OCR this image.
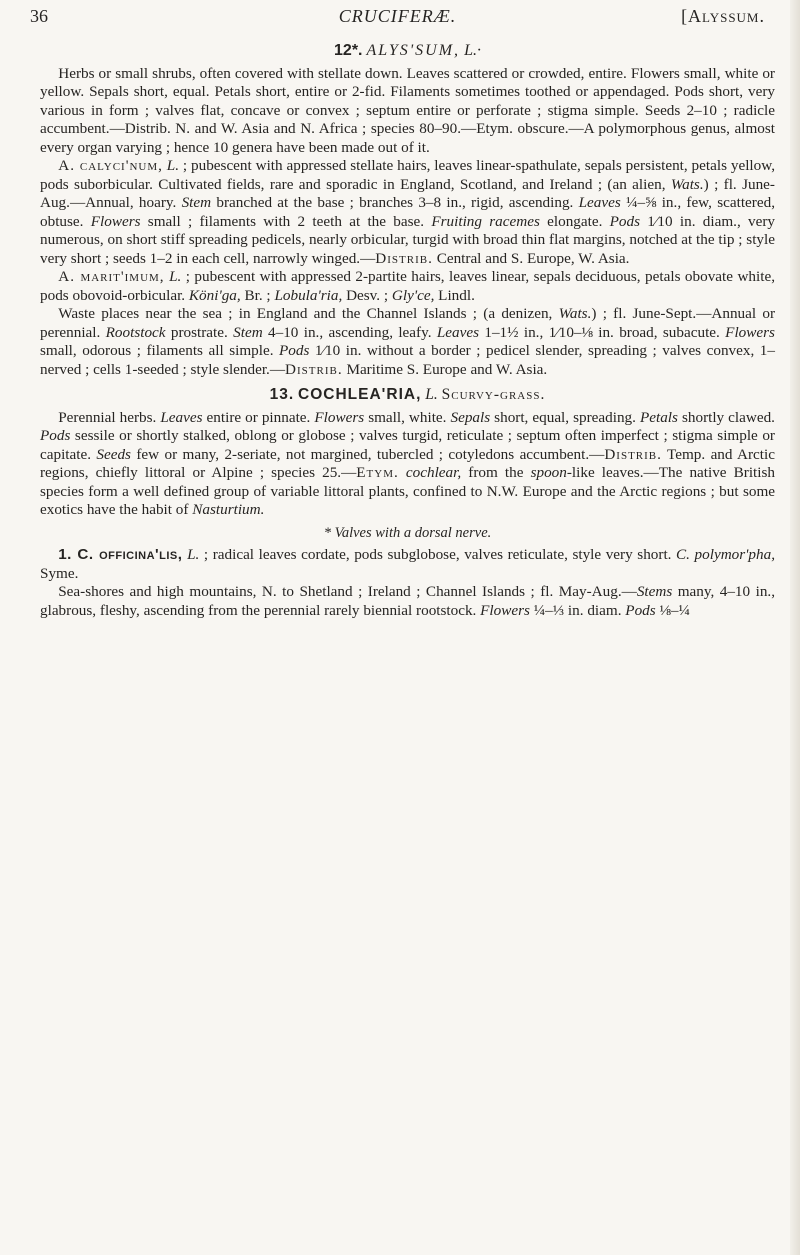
36	CRUCIFERÆ.	[Alyssum.
12*. ALYS'SUM, L.·

Herbs or small shrubs, often covered with stellate down. Leaves scattered or crowded, entire. Flowers small, white or yellow. Sepals short, equal. Petals short, entire or 2-fid. Filaments sometimes toothed or appendaged. Pods short, very various in form ; valves flat, concave or convex ; septum entire or perforate ; stigma simple. Seeds 2–10 ; radicle accumbent.—Distrib. N. and W. Asia and N. Africa ; species 80–90.—Etym. obscure.—A polymorphous genus, almost every organ varying ; hence 10 genera have been made out of it.

A. calyci'num, L. ; pubescent with appressed stellate hairs, leaves linear-spathulate, sepals persistent, petals yellow, pods suborbicular. Cultivated fields, rare and sporadic in England, Scotland, and Ireland ; (an alien, Wats.) ; fl. June-Aug.—Annual, hoary. Stem branched at the base ; branches 3–8 in., rigid, ascending. Leaves ¼–⅝ in., few, scattered, obtuse. Flowers small ; filaments with 2 teeth at the base. Fruiting racemes elongate. Pods 1⁄10 in. diam., very numerous, on short stiff spreading pedicels, nearly orbicular, turgid with broad thin flat margins, notched at the tip ; style very short ; seeds 1–2 in each cell, narrowly winged.—Distrib. Central and S. Europe, W. Asia.

A. marit'imum, L. ; pubescent with appressed 2-partite hairs, leaves linear, sepals deciduous, petals obovate white, pods obovoid-orbicular. Köni'ga, Br. ; Lobula'ria, Desv. ; Gly'ce, Lindl.

Waste places near the sea ; in England and the Channel Islands ; (a denizen, Wats.) ; fl. June-Sept.—Annual or perennial. Rootstock prostrate. Stem 4–10 in., ascending, leafy. Leaves 1–1½ in., 1⁄10–⅛ in. broad, subacute. Flowers small, odorous ; filaments all simple. Pods 1⁄10 in. without a border ; pedicel slender, spreading ; valves convex, 1–nerved ; cells 1-seeded ; style slender.—Distrib. Maritime S. Europe and W. Asia.

13. COCHLEA'RIA, L. Scurvy-grass.

Perennial herbs. Leaves entire or pinnate. Flowers small, white. Sepals short, equal, spreading. Petals shortly clawed. Pods sessile or shortly stalked, oblong or globose ; valves turgid, reticulate ; septum often imperfect ; stigma simple or capitate. Seeds few or many, 2-seriate, not margined, tubercled ; cotyledons accumbent.—Distrib. Temp. and Arctic regions, chiefly littoral or Alpine ; species 25.—Etym. cochlear, from the spoon-like leaves.—The native British species form a well defined group of variable littoral plants, confined to N.W. Europe and the Arctic regions ; but some exotics have the habit of Nasturtium.

* Valves with a dorsal nerve.

1. C. officina'lis, L. ; radical leaves cordate, pods subglobose, valves reticulate, style very short. C. polymor'pha, Syme.

Sea-shores and high mountains, N. to Shetland ; Ireland ; Channel Islands ; fl. May-Aug.—Stems many, 4–10 in., glabrous, fleshy, ascending from the perennial rarely biennial rootstock. Flowers ¼–⅓ in. diam. Pods ⅛–¼
